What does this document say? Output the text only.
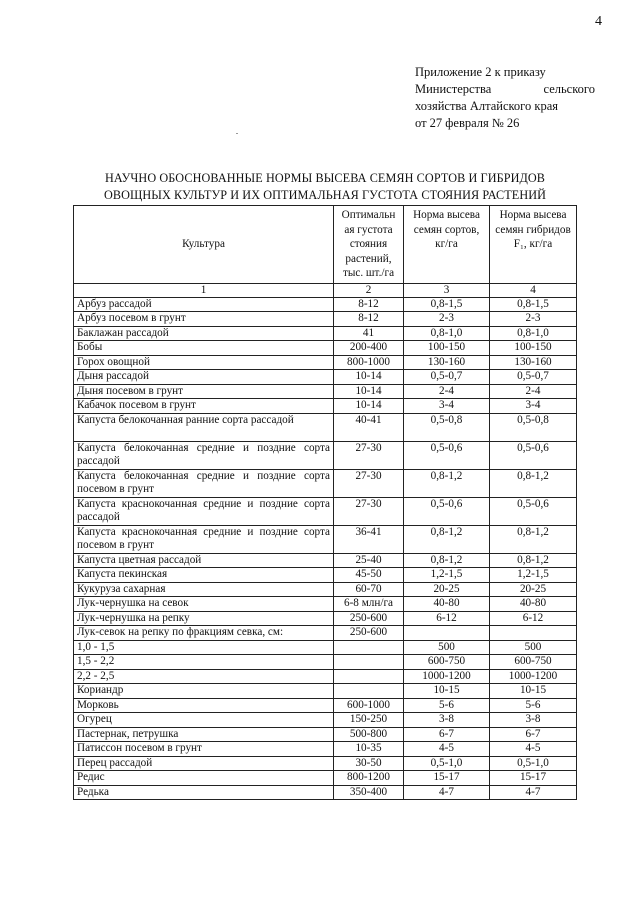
4
Приложение 2 к приказу
Министерства	сельского
хозяйства Алтайского края
от 27 февраля № 26
НАУЧНО ОБОСНОВАННЫЕ НОРМЫ ВЫСЕВА СЕМЯН СОРТОВ И ГИБРИДОВ
ОВОЩНЫХ КУЛЬТУР И ИХ ОПТИМАЛЬНАЯ ГУСТОТА СТОЯНИЯ РАСТЕНИЙ
Культура	Оптимальн ая густота стояния растений, тыс. шт./га	Норма высева семян сортов, кг/га	Норма высева семян гибридов F₁, кг/га
1	2	3	4
Арбуз рассадой	8-12	0,8-1,5	0,8-1,5
Арбуз посевом в грунт	8-12	2-3	2-3
Баклажан рассадой	41	0,8-1,0	0,8-1,0
Бобы	200-400	100-150	100-150
Горох овощной	800-1000	130-160	130-160
Дыня рассадой	10-14	0,5-0,7	0,5-0,7
Дыня посевом в грунт	10-14	2-4	2-4
Кабачок посевом в грунт	10-14	3-4	3-4
Капуста белокочанная ранние сорта рассадой	40-41	0,5-0,8	0,5-0,8
Капуста белокочанная средние и поздние сорта рассадой	27-30	0,5-0,6	0,5-0,6
Капуста белокочанная средние и поздние сорта посевом в грунт	27-30	0,8-1,2	0,8-1,2
Капуста краснокочанная средние и поздние сорта рассадой	27-30	0,5-0,6	0,5-0,6
Капуста краснокочанная средние и поздние сорта посевом в грунт	36-41	0,8-1,2	0,8-1,2
Капуста цветная рассадой	25-40	0,8-1,2	0,8-1,2
Капуста пекинская	45-50	1,2-1,5	1,2-1,5
Кукуруза сахарная	60-70	20-25	20-25
Лук-чернушка на севок	6-8 млн/га	40-80	40-80
Лук-чернушка на репку	250-600	6-12	6-12
Лук-севок на репку по фракциям севка, см:	250-600		
1,0 - 1,5		500	500
1,5 - 2,2		600-750	600-750
2,2 - 2,5		1000-1200	1000-1200
Кориандр		10-15	10-15
Морковь	600-1000	5-6	5-6
Огурец	150-250	3-8	3-8
Пастернак, петрушка	500-800	6-7	6-7
Патиссон посевом в грунт	10-35	4-5	4-5
Перец рассадой	30-50	0,5-1,0	0,5-1,0
Редис	800-1200	15-17	15-17
Редька	350-400	4-7	4-7
